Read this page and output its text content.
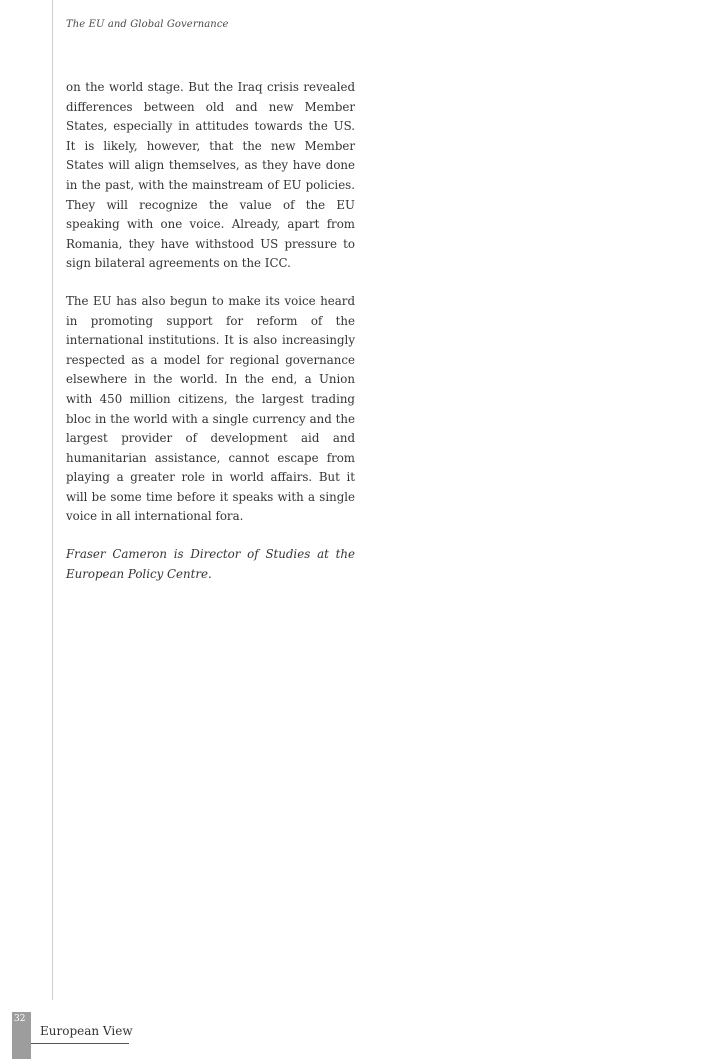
The EU and Global Governance

on the world stage. But the Iraq crisis revealed differences between old and new Member States, especially in attitudes towards the US. It is likely, however, that the new Member States will align themselves, as they have done in the past, with the mainstream of EU policies. They will recognize the value of the EU speaking with one voice. Already, apart from Romania, they have withstood US pressure to sign bilateral agreements on the ICC.

The EU has also begun to make its voice heard in promoting support for reform of the international institutions. It is also increasingly respected as a model for regional governance elsewhere in the world. In the end, a Union with 450 million citizens, the largest trading bloc in the world with a single currency and the largest provider of development aid and humanitarian assistance, cannot escape from playing a greater role in world affairs. But it will be some time before it speaks with a single voice in all international fora.

Fraser Cameron is Director of Studies at the European Policy Centre.

32
European View
